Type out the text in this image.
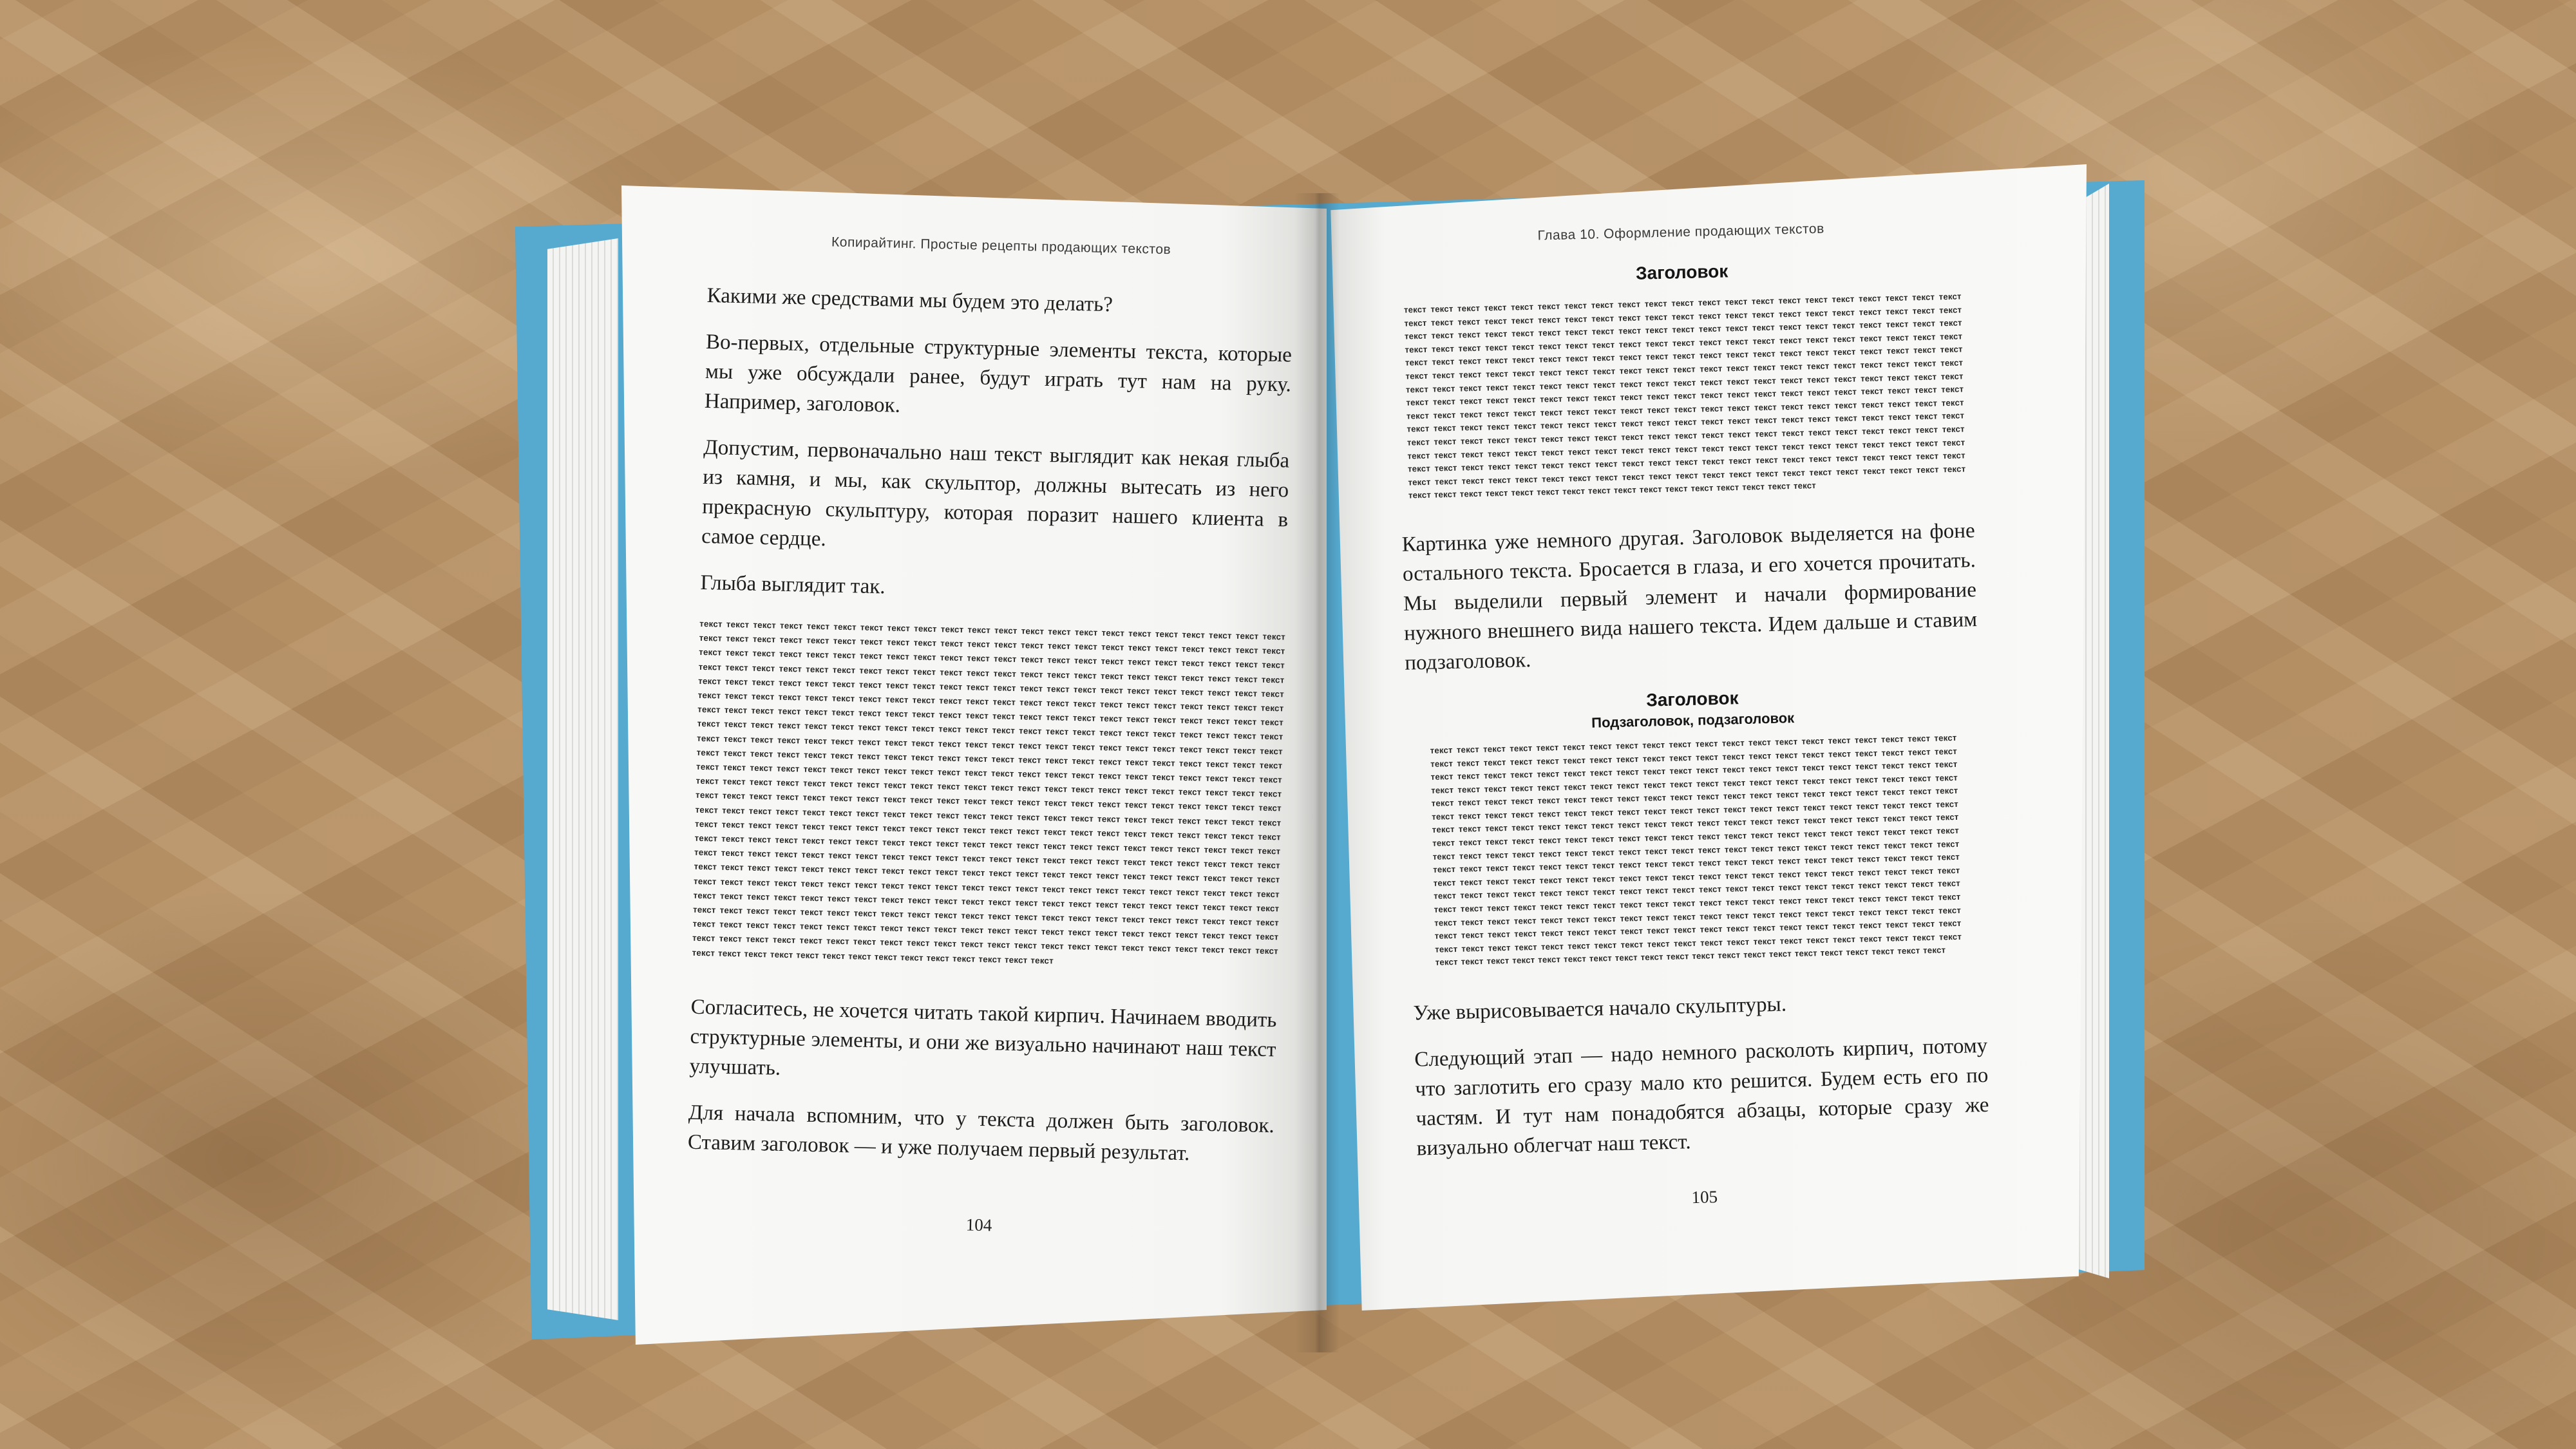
Копирайтинг. Простые рецепты продающих текстов

Какими же средствами мы будем это делать?

Во-первых, отдельные структурные элементы текста, которые мы уже обсуждали ранее, будут играть тут нам на руку. Например, заголовок.

Допустим, первоначально наш текст выглядит как некая глыба из камня, и мы, как скульптор, должны вытесать из него прекрасную скульптуру, которая поразит нашего клиента в самое сердце.

Глыба выглядит так.

текст текст текст текст текст текст текст текст текст текст текст текст текст текст текст текст текст текст текст текст текст текст текст текст текст текст текст текст текст текст текст текст текст текст текст текст текст текст текст текст текст текст текст текст текст текст текст текст текст текст текст текст текст текст текст текст текст текст текст текст текст текст текст текст текст текст текст текст текст текст текст текст текст текст текст текст текст текст текст текст текст текст текст текст текст текст текст текст текст текст текст текст текст текст текст текст текст текст текст текст текст текст текст текст текст текст текст текст текст текст текст текст текст текст текст текст текст текст текст текст текст текст текст текст текст текст текст текст текст текст текст текст текст текст текст текст текст текст текст текст текст текст текст текст текст текст текст текст текст текст текст текст текст текст текст текст текст текст текст текст текст текст текст текст текст текст текст текст текст текст текст текст текст текст текст текст текст текст текст текст текст текст текст текст текст текст текст текст текст текст текст текст текст текст текст текст текст текст текст текст текст текст текст текст текст текст текст текст текст текст текст текст текст текст текст текст текст текст текст текст текст текст текст текст текст текст текст текст текст текст текст текст текст текст текст текст текст текст текст текст текст текст текст текст текст текст текст текст текст текст текст текст текст текст текст текст текст текст текст текст текст текст текст текст текст текст текст текст текст текст текст текст текст текст текст текст текст текст текст текст текст текст текст текст текст текст текст текст текст текст текст текст текст текст текст текст текст текст текст текст текст текст текст текст текст текст текст текст текст текст текст текст текст текст текст текст текст текст текст текст текст текст текст текст текст текст текст текст текст текст текст текст текст текст текст текст текст текст текст текст текст текст текст текст текст текст текст текст текст текст текст текст текст текст текст текст текст текст текст текст текст текст текст текст текст текст текст текст текст текст текст текст текст текст текст текст текст текст текст текст текст текст текст текст текст текст текст текст текст текст текст текст текст текст текст текст текст текст текст текст текст текст текст текст текст текст текст текст текст текст текст текст текст текст текст текст текст текст текст текст текст текст текст текст текст текст текст текст текст текст текст текст текст текст текст текст текст текст текст текст текст текст текст текст текст текст текст текст текст текст текст текст текст текст текст текст текст текст текст текст текст текст текст текст текст текст текст текст текст текст текст текст текст текст текст текст текст текст текст текст текст текст текст текст текст текст текст текст текст текст текст текст текст текст текст текст текст текст текст текст текст текст текст текст текст текст текст текст текст текст текст текст текст текст текст текст текст текст текст текст

Согласитесь, не хочется читать такой кирпич. Начинаем вводить структурные элементы, и они же визуально начинают наш текст улучшать.

Для начала вспомним, что у текста должен быть заголовок. Ставим заголовок — и уже получаем первый результат.

104
Глава 10. Оформление продающих текстов
Заголовок
текст текст текст текст текст текст текст текст текст текст текст текст текст текст текст текст текст текст текст текст текст текст текст текст текст текст текст текст текст текст текст текст текст текст текст текст текст текст текст текст текст текст текст текст текст текст текст текст текст текст текст текст текст текст текст текст текст текст текст текст текст текст текст текст текст текст текст текст текст текст текст текст текст текст текст текст текст текст текст текст текст текст текст текст текст текст текст текст текст текст текст текст текст текст текст текст текст текст текст текст текст текст текст текст текст текст текст текст текст текст текст текст текст текст текст текст текст текст текст текст текст текст текст текст текст текст текст текст текст текст текст текст текст текст текст текст текст текст текст текст текст текст текст текст текст текст текст текст текст текст текст текст текст текст текст текст текст текст текст текст текст текст текст текст текст текст текст текст текст текст текст текст текст текст текст текст текст текст текст текст текст текст текст текст текст текст текст текст текст текст текст текст текст текст текст текст текст текст текст текст текст текст текст текст текст текст текст текст текст текст текст текст текст текст текст текст текст текст текст текст текст текст текст текст текст текст текст текст текст текст текст текст текст текст текст текст текст текст текст текст текст текст текст текст текст текст текст текст текст текст текст текст текст текст текст текст текст текст текст текст текст текст текст текст текст текст текст текст текст текст текст текст текст текст текст текст текст текст текст текст текст текст текст текст текст текст текст текст текст текст текст текст текст текст текст текст текст текст текст текст текст текст текст текст текст текст текст текст текст текст

Картинка уже немного другая. Заголовок выделяется на фоне остального текста. Бросается в глаза, и его хочется прочитать. Мы выделили первый элемент и начали формирование нужного внешнего вида нашего текста. Идем дальше и ставим подзаголовок.

Заголовок
Подзаголовок, подзаголовок
текст текст текст текст текст текст текст текст текст текст текст текст текст текст текст текст текст текст текст текст текст текст текст текст текст текст текст текст текст текст текст текст текст текст текст текст текст текст текст текст текст текст текст текст текст текст текст текст текст текст текст текст текст текст текст текст текст текст текст текст текст текст текст текст текст текст текст текст текст текст текст текст текст текст текст текст текст текст текст текст текст текст текст текст текст текст текст текст текст текст текст текст текст текст текст текст текст текст текст текст текст текст текст текст текст текст текст текст текст текст текст текст текст текст текст текст текст текст текст текст текст текст текст текст текст текст текст текст текст текст текст текст текст текст текст текст текст текст текст текст текст текст текст текст текст текст текст текст текст текст текст текст текст текст текст текст текст текст текст текст текст текст текст текст текст текст текст текст текст текст текст текст текст текст текст текст текст текст текст текст текст текст текст текст текст текст текст текст текст текст текст текст текст текст текст текст текст текст текст текст текст текст текст текст текст текст текст текст текст текст текст текст текст текст текст текст текст текст текст текст текст текст текст текст текст текст текст текст текст текст текст текст текст текст текст текст текст текст текст текст текст текст текст текст текст текст текст текст текст текст текст текст текст текст текст текст текст текст текст текст текст текст текст текст текст текст текст текст текст текст текст текст текст текст текст текст текст текст текст текст текст текст текст текст текст текст текст текст текст текст текст текст текст текст текст текст текст текст текст текст текст текст текст текст текст текст текст текст текст текст текст текст текст текст текст текст текст текст текст текст текст текст текст текст текст текст текст текст текст текст текст текст текст текст текст текст текст текст текст текст

Уже вырисовывается начало скульптуры.

Следующий этап — надо немного расколоть кирпич, потому что заглотить его сразу мало кто решится. Будем есть его по частям. И тут нам понадобятся абзацы, которые сразу же визуально облегчат наш текст.

105
